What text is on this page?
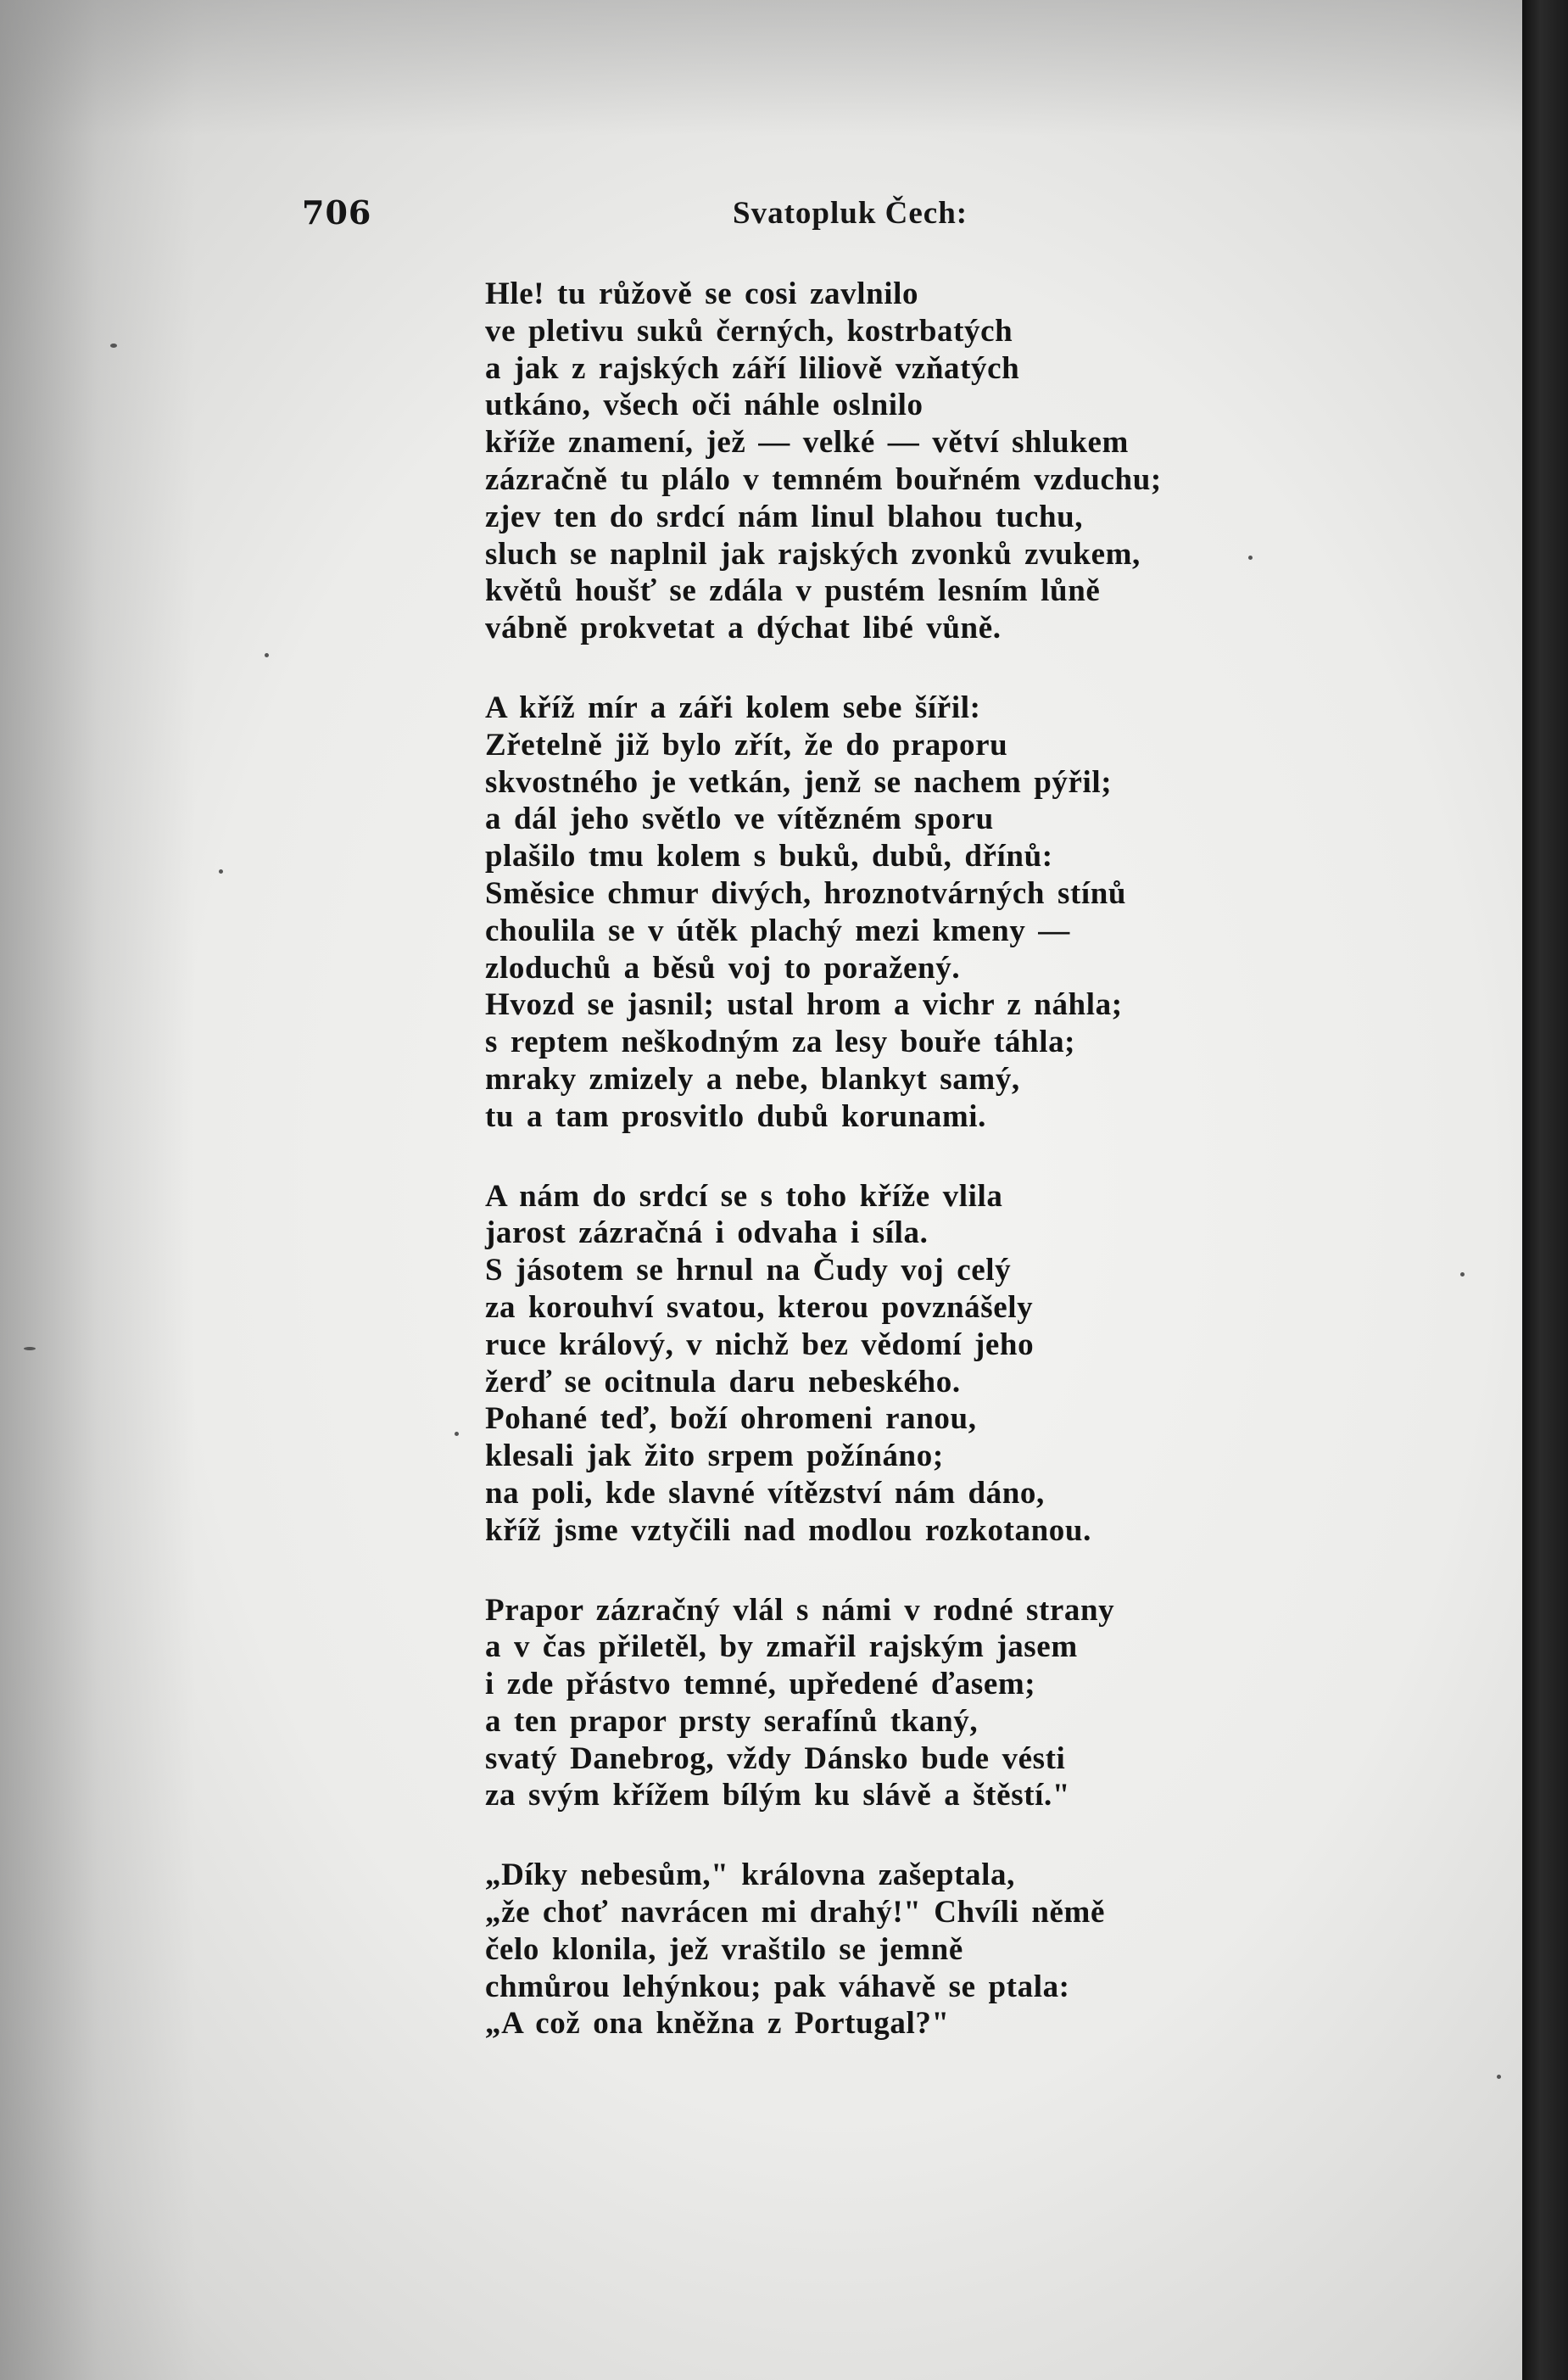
706	Svatopluk Čech:
Hle! tu růžově se cosi zavlnilo
ve pletivu suků černých, kostrbatých
a jak z rajských září liliově vzňatých
utkáno, všech oči náhle oslnilo
kříže znamení, jež — velké — větví shlukem
zázračně tu plálo v temném bouřném vzduchu;
zjev ten do srdcí nám linul blahou tuchu,
sluch se naplnil jak rajských zvonků zvukem,
květů houšť se zdála v pustém lesním lůně
vábně prokvetat a dýchat libé vůně.
A kříž mír a záři kolem sebe šířil:
Zřetelně již bylo zřít, že do praporu
skvostného je vetkán, jenž se nachem pýřil;
a dál jeho světlo ve vítězném sporu
plašilo tmu kolem s buků, dubů, dřínů:
Směsice chmur divých, hroznotvárných stínů
choulila se v útěk plachý mezi kmeny —
zloduchů a běsů voj to poražený.
Hvozd se jasnil; ustal hrom a vichr z náhla;
s reptem neškodným za lesy bouře táhla;
mraky zmizely a nebe, blankyt samý,
tu a tam prosvitlo dubů korunami.
A nám do srdcí se s toho kříže vlila
jarost zázračná i odvaha i síla.
S jásotem se hrnul na Čudy voj celý
za korouhví svatou, kterou povznášely
ruce králový, v nichž bez vědomí jeho
žerď se ocitnula daru nebeského.
Pohané teď, boží ohromeni ranou,
klesali jak žito srpem požínáno;
na poli, kde slavné vítězství nám dáno,
kříž jsme vztyčili nad modlou rozkotanou.
Prapor zázračný vlál s námi v rodné strany
a v čas přiletěl, by zmařil rajským jasem
i zde přástvo temné, upředené ďasem;
a ten prapor prsty serafínů tkaný,
svatý Danebrog, vždy Dánsko bude vésti
za svým křížem bílým ku slávě a štěstí."
„Díky nebesům," královna zašeptala,
„že choť navrácen mi drahý!" Chvíli němě
čelo klonila, jež vraštilo se jemně
chmůrou lehýnkou; pak váhavě se ptala:
„A což ona kněžna z Portugal?"
